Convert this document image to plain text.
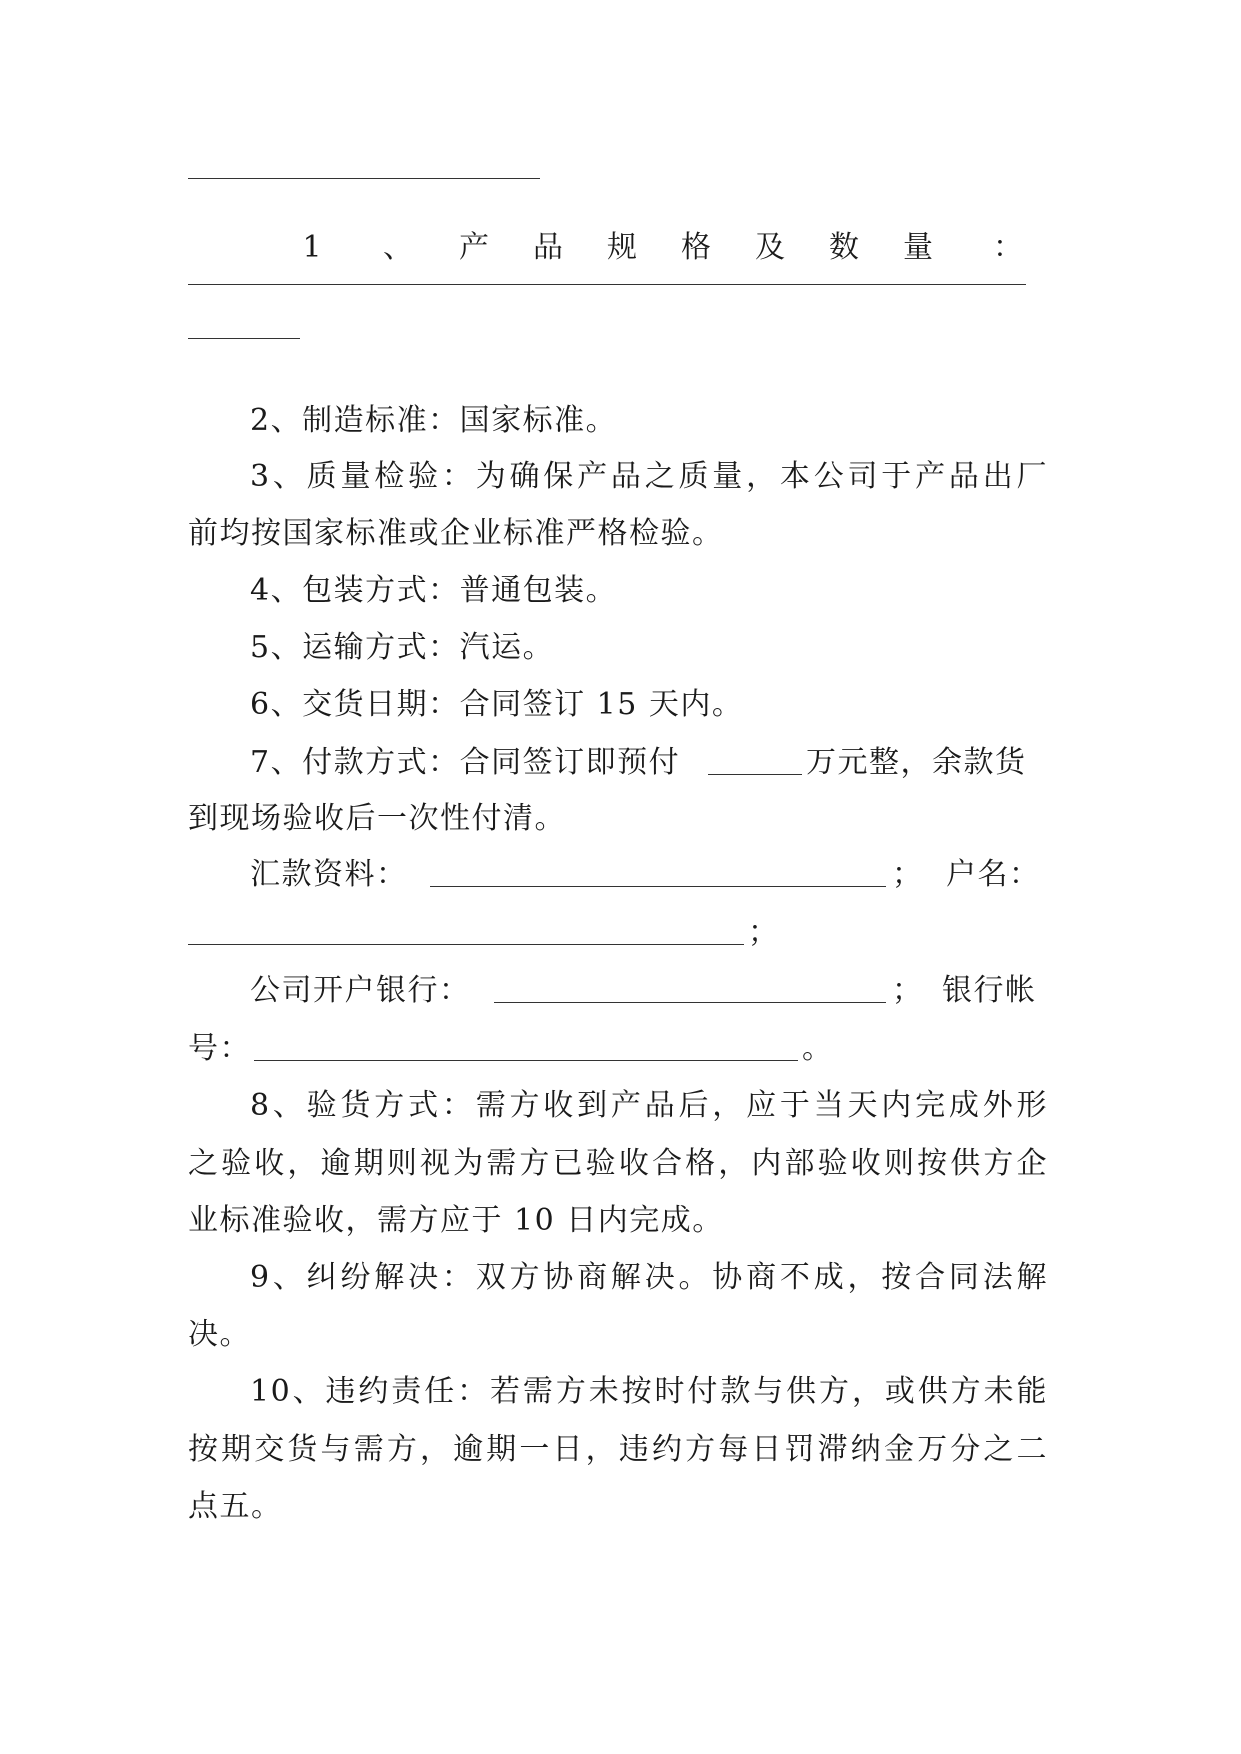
1	、 产 品 规 格 及 数 量 ：
2、制造标准：国家标准。
3、质量检验：为确保产品之质量，本公司于产品出厂
前均按国家标准或企业标准严格检验。
4、包装方式：普通包装。
5、运输方式：汽运。
6、交货日期：合同签订 15 天内。
7、付款方式：合同签订即预付	万元整，余款货
到现场验收后一次性付清。
汇款资料：	； 户名：
；
公司开户银行：	； 银行帐
号：	。
8、验货方式：需方收到产品后，应于当天内完成外形
之验收，逾期则视为需方已验收合格，内部验收则按供方企
业标准验收，需方应于 10 日内完成。
9、纠纷解决：双方协商解决。协商不成，按合同法解
决。
10、违约责任：若需方未按时付款与供方，或供方未能
按期交货与需方，逾期一日，违约方每日罚滞纳金万分之二
点五。
